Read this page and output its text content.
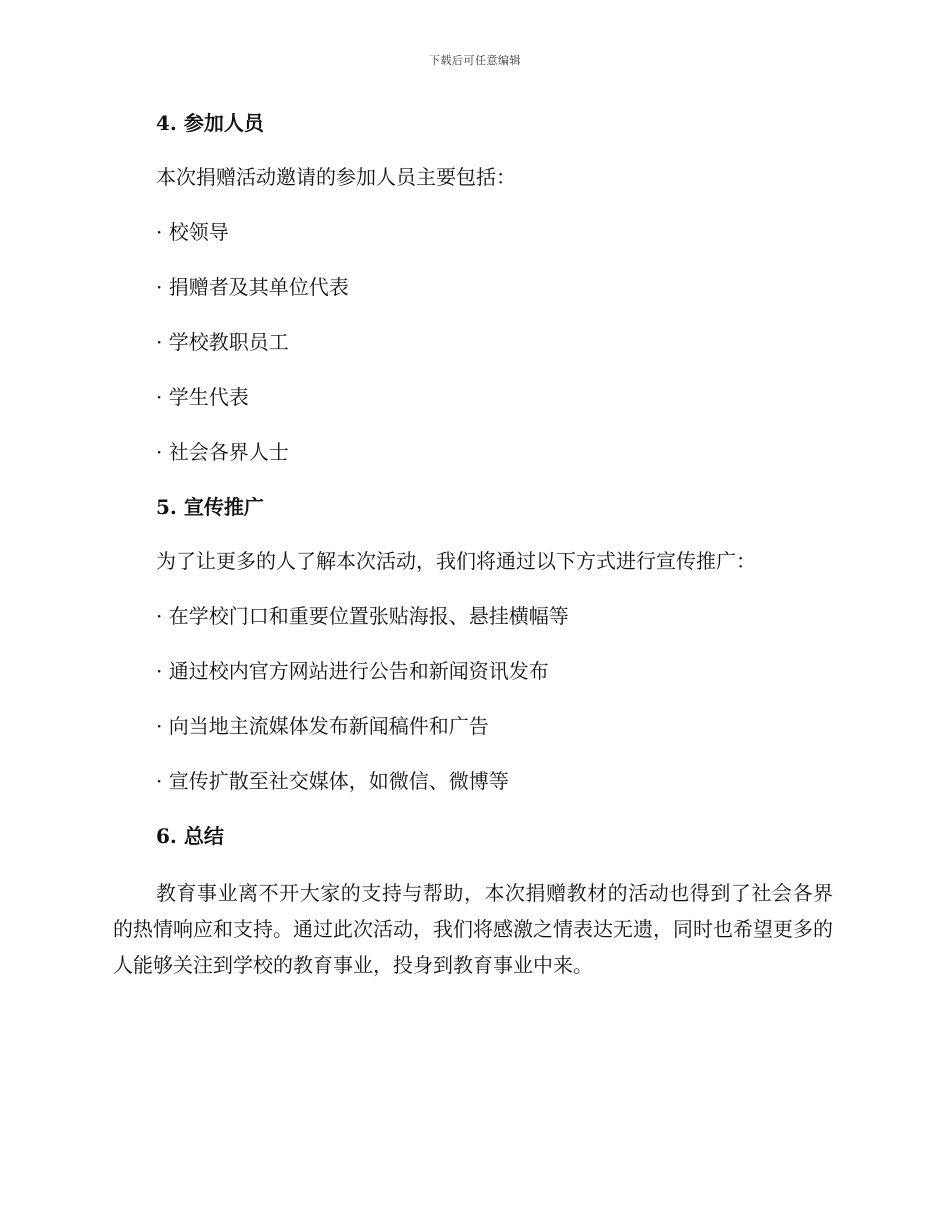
下载后可任意编辑
4. 参加人员
本次捐赠活动邀请的参加人员主要包括：
· 校领导
· 捐赠者及其单位代表
· 学校教职员工
· 学生代表
· 社会各界人士
5. 宣传推广
为了让更多的人了解本次活动，我们将通过以下方式进行宣传推广：
· 在学校门口和重要位置张贴海报、悬挂横幅等
· 通过校内官方网站进行公告和新闻资讯发布
· 向当地主流媒体发布新闻稿件和广告
· 宣传扩散至社交媒体，如微信、微博等
6. 总结
教育事业离不开大家的支持与帮助，本次捐赠教材的活动也得到了社会各界的热情响应和支持。通过此次活动，我们将感激之情表达无遗，同时也希望更多的人能够关注到学校的教育事业，投身到教育事业中来。
